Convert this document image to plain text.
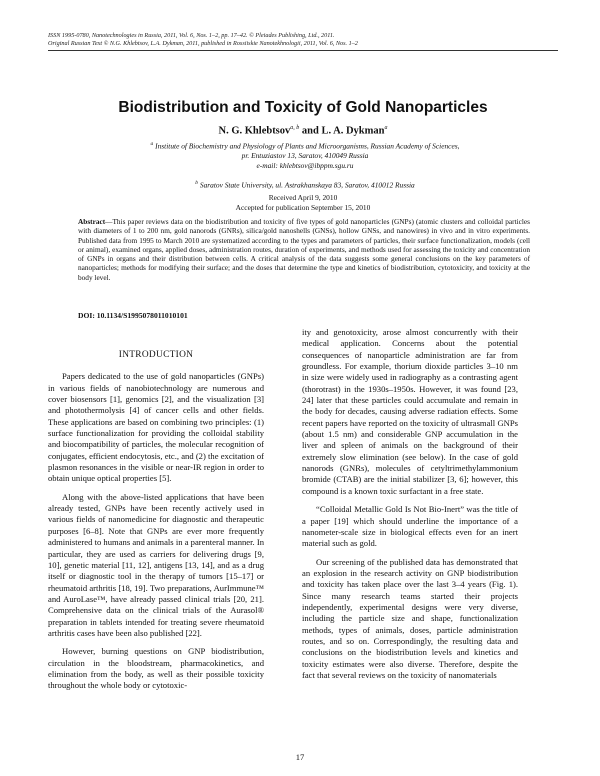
ISSN 1995-0780, Nanotechnologies in Russia, 2011, Vol. 6, Nos. 1–2, pp. 17–42. © Pleiades Publishing, Ltd., 2011.
Original Russian Text © N.G. Khlebtsov, L.A. Dykman, 2011, published in Rossiiskie Nanotekhnologii, 2011, Vol. 6, Nos. 1–2
Biodistribution and Toxicity of Gold Nanoparticles
N. G. Khlebtsov$^{a, b}$ and L. A. Dykman$^a$
$^a$ Institute of Biochemistry and Physiology of Plants and Microorganisms, Russian Academy of Sciences,
pr. Entuziastov 13, Saratov, 410049 Russia
e-mail: khlebtsov@ibppm.sgu.ru
$^b$ Saratov State University, ul. Astrakhanskaya 83, Saratov, 410012 Russia
Received April 9, 2010
Accepted for publication September 15, 2010
Abstract—This paper reviews data on the biodistribution and toxicity of five types of gold nanoparticles (GNPs) (atomic clusters and colloidal particles with diameters of 1 to 200 nm, gold nanorods (GNRs), silica/gold nanoshells (GNSs), hollow GNSs, and nanowires) in vivo and in vitro experiments. Published data from 1995 to March 2010 are systematized according to the types and parameters of particles, their surface functionalization, models (cell or animal), examined organs, applied doses, administration routes, duration of experiments, and methods used for assessing the toxicity and concentration of GNPs in organs and their distribution between cells. A critical analysis of the data suggests some general conclusions on the key parameters of nanoparticles; methods for modifying their surface; and the doses that determine the type and kinetics of biodistribution, cytotoxicity, and toxicity at the body level.
DOI: 10.1134/S1995078011010101
INTRODUCTION

Papers dedicated to the use of gold nanoparticles (GNPs) in various fields of nanobiotechnology are numerous and cover biosensors [1], genomics [2], and the visualization [3] and photothermolysis [4] of cancer cells and other fields. These applications are based on combining two principles: (1) surface functionalization for providing the colloidal stability and biocompatibility of particles, the molecular recognition of conjugates, efficient endocytosis, etc., and (2) the excitation of plasmon resonances in the visible or near-IR region in order to obtain unique optical properties [5].

Along with the above-listed applications that have been already tested, GNPs have been recently actively used in various fields of nanomedicine for diagnostic and therapeutic purposes [6–8]. Note that GNPs are ever more frequently administered to humans and animals in a parenteral manner. In particular, they are used as carriers for delivering drugs [9, 10], genetic material [11, 12], antigens [13, 14], and as a drug itself or diagnostic tool in the therapy of tumors [15–17] or rheumatoid arthritis [18, 19]. Two preparations, AurImmune™ and AuroLase™, have already passed clinical trials [20, 21]. Comprehensive data on the clinical trials of the Aurasol® preparation in tablets intended for treating severe rheumatoid arthritis cases have been also published [22].

However, burning questions on GNP biodistribution, circulation in the bloodstream, pharmacokinetics, and elimination from the body, as well as their possible toxicity throughout the whole body or cytotoxic-

ity and genotoxicity, arose almost concurrently with their medical application. Concerns about the potential consequences of nanoparticle administration are far from groundless. For example, thorium dioxide particles 3–10 nm in size were widely used in radiography as a contrasting agent (thorotrast) in the 1930s–1950s. However, it was found [23, 24] later that these particles could accumulate and remain in the body for decades, causing adverse radiation effects. Some recent papers have reported on the toxicity of ultrasmall GNPs (about 1.5 nm) and considerable GNP accumulation in the liver and spleen of animals on the background of their extremely slow elimination (see below). In the case of gold nanorods (GNRs), molecules of cetyltrimethylammonium bromide (CTAB) are the initial stabilizer [3, 6]; however, this compound is a known toxic surfactant in a free state.

“Colloidal Metallic Gold Is Not Bio-Inert” was the title of a paper [19] which should underline the importance of a nanometer-scale size in biological effects even for an inert material such as gold.

Our screening of the published data has demonstrated that an explosion in the research activity on GNP biodistribution and toxicity has taken place over the last 3–4 years (Fig. 1). Since many research teams started their projects independently, experimental designs were very diverse, including the particle size and shape, functionalization methods, types of animals, doses, particle administration routes, and so on. Correspondingly, the resulting data and conclusions on the biodistribution levels and kinetics and toxicity estimates were also diverse. Therefore, despite the fact that several reviews on the toxicity of nanomaterials

17
